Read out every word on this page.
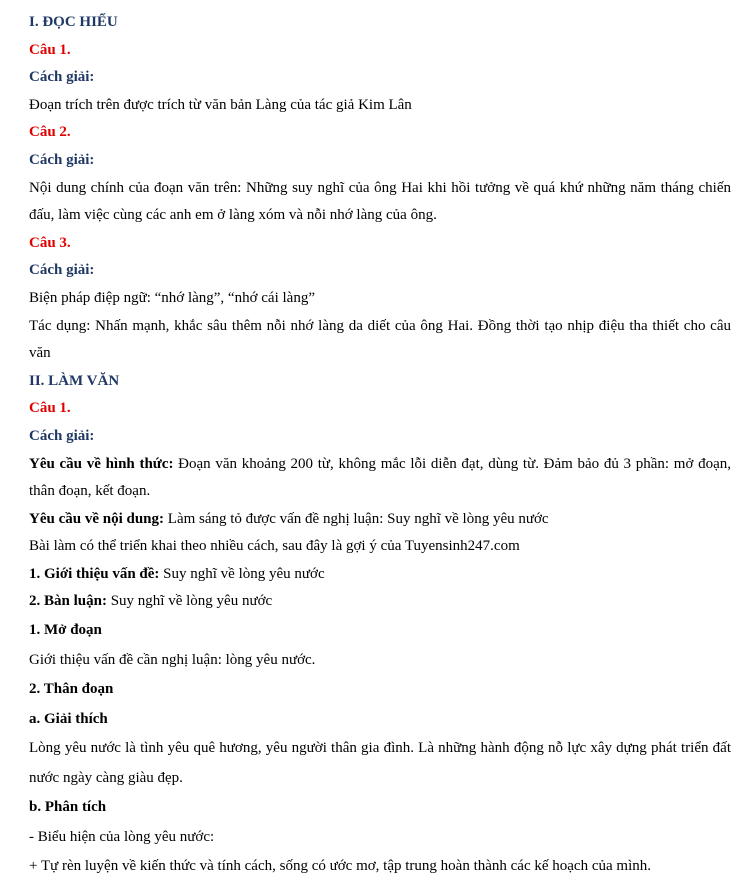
I. ĐỌC HIỂU
Câu 1.
Cách giải:
Đoạn trích trên được trích từ văn bản Làng của tác giả Kim Lân
Câu 2.
Cách giải:
Nội dung chính của đoạn văn trên: Những suy nghĩ của ông Hai khi hồi tưởng về quá khứ những năm tháng chiến đấu, làm việc cùng các anh em ở làng xóm và nỗi nhớ làng của ông.
Câu 3.
Cách giải:
Biện pháp điệp ngữ: “nhớ làng”, “nhớ cái làng”
Tác dụng: Nhấn mạnh, khắc sâu thêm nỗi nhớ làng da diết của ông Hai. Đồng thời tạo nhịp điệu tha thiết cho câu văn
II. LÀM VĂN
Câu 1.
Cách giải:
Yêu cầu về hình thức: Đoạn văn khoảng 200 từ, không mắc lỗi diễn đạt, dùng từ. Đảm bảo đủ 3 phần: mở đoạn, thân đoạn, kết đoạn.
Yêu cầu về nội dung: Làm sáng tỏ được vấn đề nghị luận: Suy nghĩ về lòng yêu nước
Bài làm có thể triển khai theo nhiều cách, sau đây là gợi ý của Tuyensinh247.com
1. Giới thiệu vấn đề: Suy nghĩ về lòng yêu nước
2. Bàn luận: Suy nghĩ về lòng yêu nước
1. Mở đoạn
Giới thiệu vấn đề cần nghị luận: lòng yêu nước.
2. Thân đoạn
a. Giải thích
Lòng yêu nước là tình yêu quê hương, yêu người thân gia đình. Là những hành động nỗ lực xây dựng phát triển đất nước ngày càng giàu đẹp.
b. Phân tích
- Biểu hiện của lòng yêu nước:
+ Tự rèn luyện về kiến thức và tính cách, sống có ước mơ, tập trung hoàn thành các kế hoạch của mình.
